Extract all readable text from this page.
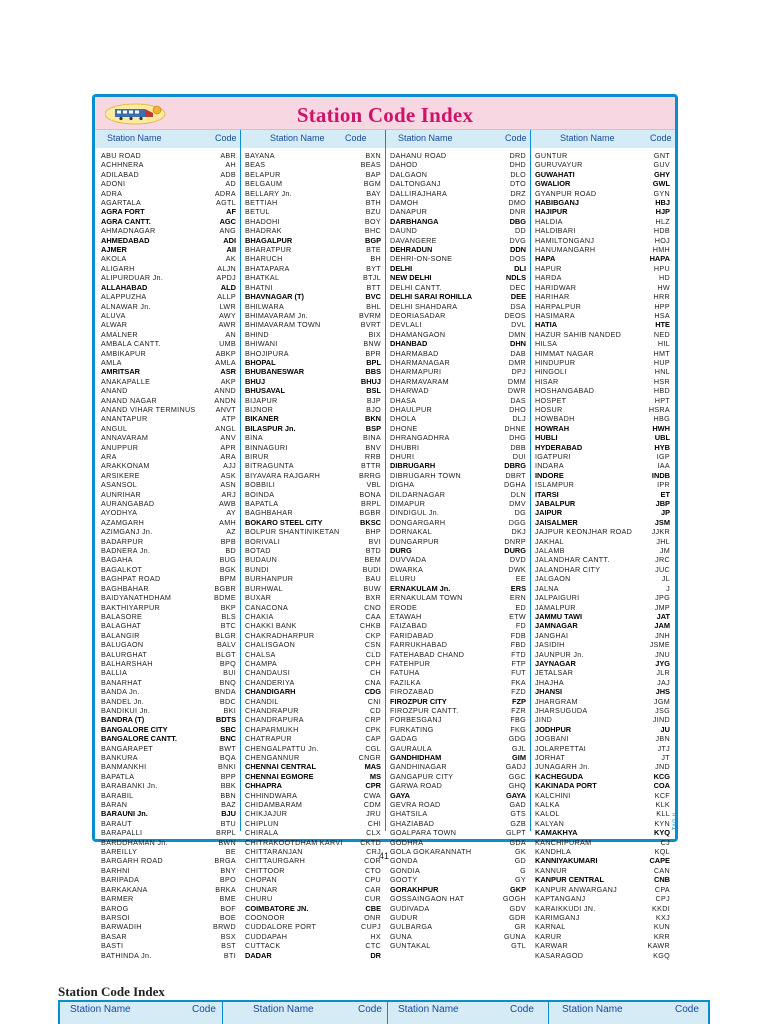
Station Code Index
Station Name	Code	Station Name Code	Station Name	Code	Station Name	Code
ABU ROAD	ABR
ACHHNERA	AH
ADILABAD	ADB
ADONI	AD
ADRA	ADRA
AGARTALA	AGTL
AGRA FORT	AF
AGRA CANTT.	AGC
AHMADNAGAR	ANG
AHMEDABAD	ADI
AJMER	AII
AKOLA	AK
ALIGARH	ALJN
ALIPURDUAR Jn.	APDJ
ALLAHABAD	ALD
ALAPPUZHA	ALLP
ALNAWAR Jn.	LWR
ALUVA	AWY
ALWAR	AWR
AMALNER	AN
AMBALA CANTT.	UMB
AMBIKAPUR	ABKP
AMLA	AMLA
AMRITSAR	ASR
ANAKAPALLE	AKP
ANAND	ANND
ANAND NAGAR	ANDN
ANAND VIHAR TERMINUS	ANVT
ANANTAPUR	ATP
ANGUL	ANGL
ANNAVARAM	ANV
ANUPPUR	APR
ARA	ARA
ARAKKONAM	AJJ
ARSIKERE	ASK
ASANSOL	ASN
AUNRIHAR	ARJ
AURANGABAD	AWB
AYODHYA	AY
AZAMGARH	AMH
AZIMGANJ Jn.	AZ
BADARPUR	BPB
BADNERA Jn.	BD
BAGAHA	BUG
BAGALKOT	BGK
BAGHPAT ROAD	BPM
BAGHBAHAR	BGBR
BAIDYANATHDHAM	BDME
BAKTHIYARPUR	BKP
BALASORE	BLS
BALAGHAT	BTC
BALANGIR	BLGR
BALUGAON	BALV
BALURGHAT	BLGT
BALHARSHAH	BPQ
BALLIA	BUI
BANARHAT	BNQ
BANDA Jn.	BNDA
BANDEL Jn.	BDC
BANDIKUI Jn.	BKI
BANDRA (T)	BDTS
BANGALORE CITY	SBC
BANGALORE CANTT.	BNC
BANGARAPET	BWT
BANKURA	BQA
BANMANKHI	BNKI
BAPATLA	BPP
BARABANKI Jn.	BBK
BARABIL	BBN
BARAN	BAZ
BARAUNI Jn.	BJU
BARAUT	BTU
BARAPALLI	BRPL
BARDDHAMAN Jn.	BWN
BAREILLY	BE
BARGARH ROAD	BRGA
BARHNI	BNY
BARIPADA	BPO
BARKAKANA	BRKA
BARMER	BME
BAROG	BOF
BARSOI	BOE
BARWADIH	BRWD
BASAR	BSX
BASTI	BST
BATHINDA Jn.	BTI
BAYANA	BXN
BEAS	BEAS
BELAPUR	BAP
BELGAUM	BGM
BELLARY Jn.	BAY
BETTIAH	BTH
BETUL	BZU
BHADOHI	BOY
BHADRAK	BHC
BHAGALPUR	BGP
BHARATPUR	BTE
BHARUCH	BH
BHATAPARA	BYT
BHATKAL	BTJL
BHATNI	BTT
BHAVNAGAR (T)	BVC
BHILWARA	BHL
BHIMAVARAM Jn.	BVRM
BHIMAVARAM TOWN	BVRT
BHIND	BIX
BHIWANI	BNW
BHOJIPURA	BPR
BHOPAL	BPL
BHUBANESWAR	BBS
BHUJ	BHUJ
BHUSAVAL	BSL
BIJAPUR	BJP
BIJNOR	BJO
BIKANER	BKN
BILASPUR Jn.	BSP
BINA	BINA
BINNAGURI	BNV
BIRUR	RRB
BITRAGUNTA	BTTR
BIYAVARA RAJGARH	BRRG
BOBBILI	VBL
BOINDA	BONA
BAPATLA	BRPL
BAGHBAHAR	BGBR
BOKARO STEEL CITY	BKSC
BOLPUR SHANTINIKETAN	BHP
BORIVALI	BVI
BOTAD	BTD
BUDAUN	BEM
BUNDI	BUDI
BURHANPUR	BAU
BURHWAL	BUW
BUXAR	BXR
CANACONA	CNO
CHAKIA	CAA
CHAKKI BANK	CHKB
CHAKRADHARPUR	CKP
CHALISGAON	CSN
CHALSA	CLD
CHAMPA	CPH
CHANDAUSI	CH
CHANDERIYA	CNA
CHANDIGARH	CDG
CHANDIL	CNI
CHANDRAPUR	CD
CHANDRAPURA	CRP
CHAPARMUKH	CPK
CHATRAPUR	CAP
CHENGALPATTU Jn.	CGL
CHENGANNUR	CNGR
CHENNAI CENTRAL	MAS
CHENNAI EGMORE	MS
CHHAPRA	CPR
CHHINDWARA	CWA
CHIDAMBARAM	CDM
CHIKJAJUR	JRU
CHIPLUN	CHI
CHIRALA	CLX
CHITRAKOOTDHAM KARVI CKTD
CHITTARANJAN	CRJ
CHITTAURGARH	COR
CHITTOOR	CTO
CHOPAN	CPU
CHUNAR	CAR
CHURU	CUR
COIMBATORE JN.	CBE
COONOOR	ONR
CUDDALORE PORT	CUPJ
CUDDAPAH	HX
CUTTACK	CTC
DADAR	DR
DAHANU ROAD	DRD
DAHOD	DHD
DALGAON	DLO
DALTONGANJ	DTO
DALLIRAJHARA	DRZ
DAMOH	DMO
DANAPUR	DNR
DARBHANGA	DBG
DAUND	DD
DAVANGERE	DVG
DEHRADUN	DDN
DEHRI-ON-SONE	DOS
DELHI	DLI
NEW DELHI	NDLS
DELHI CANTT.	DEC
DELHI SARAI ROHILLA	DEE
DELHI SHAHDARA	DSA
DEORIASADAR	DEOS
DEVLALI	DVL
DHAMANGAON	DMN
DHANBAD	DHN
DHARMABAD	DAB
DHARMANAGAR	DMR
DHARMAPURI	DPJ
DHARMAVARAM	DMM
DHARWAD	DWR
DHASA	DAS
DHAULPUR	DHO
DHOLA	DLJ
DHONE	DHNE
DHRANGADHRA	DHG
DHUBRI	DBB
DHURI	DUI
DIBRUGARH	DBRG
DIBRUGARH TOWN	DBRT
DIGHA	DGHA
DILDARNAGAR	DLN
DIMAPUR	DMV
DINDIGUL Jn.	DG
DONGARGARH	DGG
DORNAKAL	DKJ
DUNGARPUR	DNRP
DURG	DURG
DUVVADA	DVD
DWARKA	DWK
ELURU	EE
ERNAKULAM Jn.	ERS
ERNAKULAM TOWN	ERN
ERODE	ED
ETAWAH	ETW
FAIZABAD	FD
FARIDABAD	FDB
FARRUKHABAD	FBD
FATEHABAD CHAND	FTD
FATEHPUR	FTP
FATUHA	FUT
FAZILKA	FKA
FIROZABAD	FZD
FIROZPUR CITY	FZP
FIROZPUR CANTT.	FZR
FORBESGANJ	FBG
FURKATING	FKG
GADAG	GDG
GAURAULA	GJL
GANDHIDHAM	GIM
GANDHINAGAR	GADJ
GANGAPUR CITY	GGC
GARWA ROAD	GHQ
GAYA	GAYA
GEVRA ROAD	GAD
GHATSILA	GTS
GHAZIABAD	GZB
GOALPARA TOWN	GLPT
GODHRA	GDA
GOLA GOKARANNATH	GK
GONDA	GD
GONDIA	G
GOOTY	GY
GORAKHPUR	GKP
GOSSAINGAON HAT	GOGH
GUDIVADA	GDV
GUDUR	GDR
GULBARGA	GR
GUNA	GUNA
GUNTAKAL	GTL
GUNTUR	GNT
GURUVAYUR	GUV
GUWAHATI	GHY
GWALIOR	GWL
GYANPUR ROAD	GYN
HABIBGANJ	HBJ
HAJIPUR	HJP
HALDIA	HLZ
HALDIBARI	HDB
HAMILTONGANJ	HOJ
HANUMANGARH	HMH
HAPA	HAPA
HAPUR	HPU
HARDA	HD
HARIDWAR	HW
HARIHAR	HRR
HARPALPUR	HPP
HASIMARA	HSA
HATIA	HTE
HAZUR SAHIB NANDED	NED
HILSA	HIL
HIMMAT NAGAR	HMT
HINDUPUR	HUP
HINGOLI	HNL
HISAR	HSR
HOSHANGABAD	HBD
HOSPET	HPT
HOSUR	HSRA
HOWBADH	HBG
HOWRAH	HWH
HUBLI	UBL
HYDERABAD	HYB
IGATPURI	IGP
INDARA	IAA
INDORE	INDB
ISLAMPUR	IPR
ITARSI	ET
JABALPUR	JBP
JAIPUR	JP
JAISALMER	JSM
JAJPUR KEONJHAR ROAD	JJKR
JAKHAL	JHL
JALAMB	JM
JALANDHAR CANTT.	JRC
JALANDHAR CITY	JUC
JALGAON	JL
JALNA	J
JALPAIGURI	JPG
JAMALPUR	JMP
JAMMU TAWI	JAT
JAMNAGAR	JAM
JANGHAI	JNH
JASIDIH	JSME
JAUNPUR Jn.	JNU
JAYNAGAR	JYG
JETALSAR	JLR
JHAJHA	JAJ
JHANSI	JHS
JHARGRAM	JGM
JHARSUGUDA	JSG
JIND	JIND
JODHPUR	JU
JOGBANI	JBN
JOLARPETTAI	JTJ
JORHAT	JT
JUNAGARH Jn.	JND
KACHEGUDA	KCG
KAKINADA PORT	COA
KALCHINI	KCF
KALKA	KLK
KALOL	KLL
KALYAN	KYN
KAMAKHYA	KYQ
KANCHIPURAM	CJ
KANDHLA	KQL
KANNIYAKUMARI	CAPE
KANNUR	CAN
KANPUR CENTRAL	CNB
KANPUR ANWARGANJ	CPA
KAPTANGANJ	CPJ
KARAIKKUDI JN.	KKDI
KARIMGANJ	KXJ
KARNAL	KUN
KARUR	KRR
KARWAR	KAWR
KASARAGOD	KGQ
TAG-II
41
Station Code Index
Station Name	Code	Station Name	Code Station Name	Code	Station Name	Code
